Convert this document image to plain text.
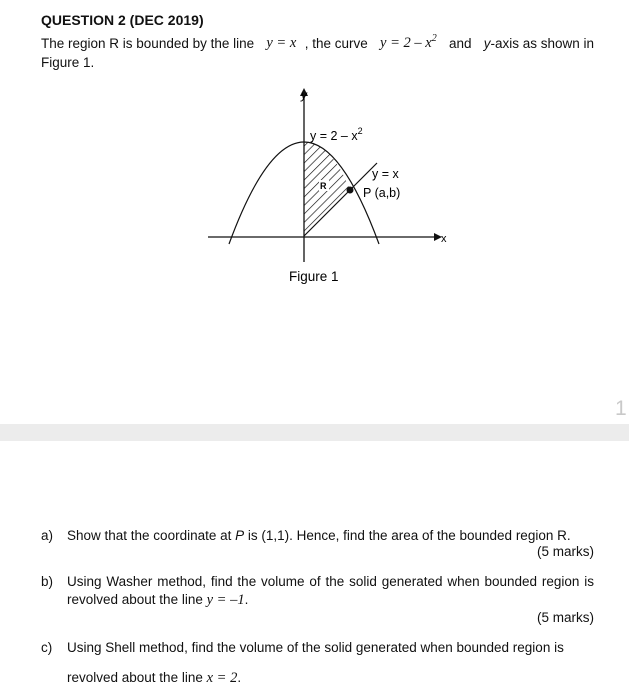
QUESTION 2 (DEC 2019)
The region R is bounded by the line y = x , the curve $y = 2 - x^2$ and y-axis as shown in
Figure 1.
y
x
$y = 2 - x^2$
y = x
P (a,b)
R
Figure 1
1
a) Show that the coordinate at P is (1,1). Hence, find the area of the bounded region R.
(5 marks)
b) Using Washer method, find the volume of the solid generated when bounded region is revolved about the line y = –1.
(5 marks)
c) Using Shell method, find the volume of the solid generated when bounded region is
revolved about the line x = 2.
